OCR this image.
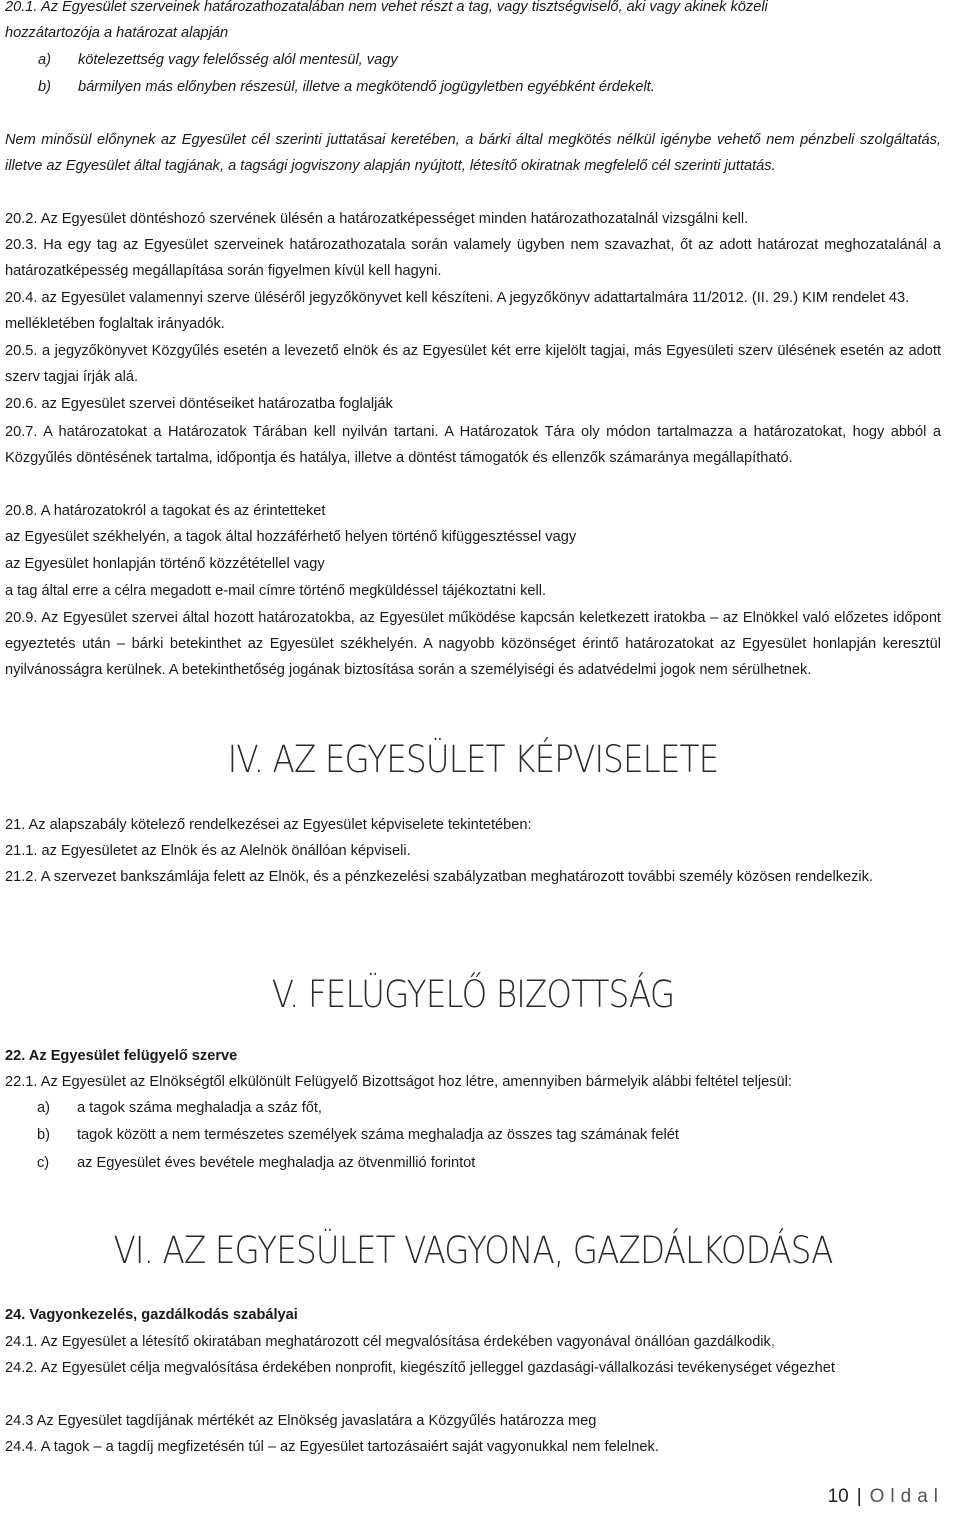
20.1. Az Egyesület szerveinek határozathozatalában nem vehet részt a tag, vagy tisztségviselő, aki vagy akinek közeli
hozzátartozója a határozat alapján
a) kötelezettség vagy felelősség alól mentesül, vagy
b) bármilyen más előnyben részesül, illetve a megkötendő jogügyletben egyébként érdekelt.
Nem minősül előnynek az Egyesület cél szerinti juttatásai keretében, a bárki által megkötés nélkül igénybe vehető nem pénzbeli szolgáltatás, illetve az Egyesület által tagjának, a tagsági jogviszony alapján nyújtott, létesítő okiratnak megfelelő cél szerinti juttatás.
20.2. Az Egyesület döntéshozó szervének ülésén a határozatképességet minden határozathozatalnál vizsgálni kell.
20.3. Ha egy tag az Egyesület szerveinek határozathozatala során valamely ügyben nem szavazhat, őt az adott határozat meghozatalánál a határozatképesség megállapítása során figyelmen kívül kell hagyni.
20.4. az Egyesület valamennyi szerve üléséről jegyzőkönyvet kell készíteni. A jegyzőkönyv adattartalmára 11/2012. (II. 29.) KIM rendelet 43. mellékletében foglaltak irányadók.
20.5. a jegyzőkönyvet Közgyűlés esetén a levezető elnök és az Egyesület két erre kijelölt tagjai, más Egyesületi szerv ülésének esetén az adott szerv tagjai írják alá.
20.6. az Egyesület szervei döntéseiket határozatba foglalják
20.7. A határozatokat a Határozatok Tárában kell nyilván tartani. A Határozatok Tára oly módon tartalmazza a határozatokat, hogy abból a Közgyűlés döntésének tartalma, időpontja és hatálya, illetve a döntést támogatók és ellenzők számaránya megállapítható.
20.8. A határozatokról a tagokat és az érintetteket
az Egyesület székhelyén, a tagok által hozzáférhető helyen történő kifüggesztéssel vagy
az Egyesület honlapján történő közzététellel vagy
a tag által erre a célra megadott e-mail címre történő megküldéssel tájékoztatni kell.
20.9. Az Egyesület szervei által hozott határozatokba, az Egyesület működése kapcsán keletkezett iratokba – az Elnökkel való előzetes időpont egyeztetés után – bárki betekinthet az Egyesület székhelyén. A nagyobb közönséget érintő határozatokat az Egyesület honlapján keresztül nyilvánosságra kerülnek. A betekinthetőség jogának biztosítása során a személyiségi és adatvédelmi jogok nem sérülhetnek.
IV. AZ EGYESÜLET KÉPVISELETE
21. Az alapszabály kötelező rendelkezései az Egyesület képviselete tekintetében:
21.1. az Egyesületet az Elnök és az Alelnök önállóan képviseli.
21.2. A szervezet bankszámlája felett az Elnök, és a pénzkezelési szabályzatban meghatározott további személy közösen rendelkezik.
V. FELÜGYELŐ BIZOTTSÁG
22. Az Egyesület felügyelő szerve
22.1. Az Egyesület az Elnökségtől elkülönült Felügyelő Bizottságot hoz létre, amennyiben bármelyik alábbi feltétel teljesül:
a) a tagok száma meghaladja a száz főt,
b) tagok között a nem természetes személyek száma meghaladja az összes tag számának felét
c) az Egyesület éves bevétele meghaladja az ötvenmillió forintot
VI. AZ EGYESÜLET VAGYONA, GAZDÁLKODÁSA
24. Vagyonkezelés, gazdálkodás szabályai
24.1. Az Egyesület a létesítő okiratában meghatározott cél megvalósítása érdekében vagyonával önállóan gazdálkodik,
24.2. Az Egyesület célja megvalósítása érdekében nonprofit, kiegészítő jelleggel gazdasági-vállalkozási tevékenységet végezhet
24.3 Az Egyesület tagdíjának mértékét az Elnökség javaslatára a Közgyűlés határozza meg
24.4. A tagok – a tagdíj megfizetésén túl – az Egyesület tartozásaiért saját vagyonukkal nem felelnek.
10 | Oldal
